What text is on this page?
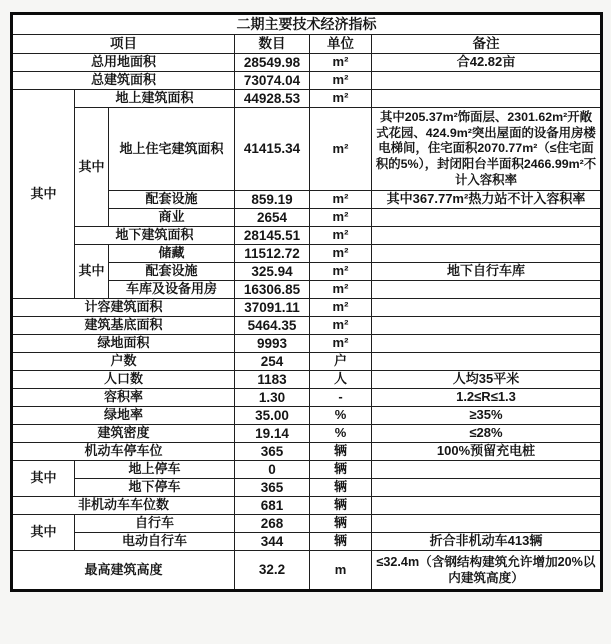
二期主要技术经济指标					
项目			数目	单位	备注
总用地面积			28549.98	m²	合42.82亩
总建筑面积			73074.04	m²	
其中	地上建筑面积		44928.53	m²	
	其中	地上住宅建筑面积	41415.34	m²	其中205.37m²饰面层、2301.62m²开敞式花园、424.9m²突出屋面的设备用房楼电梯间，住宅面积2070.77m²（≤住宅面积的5%），封闭阳台半面积2466.99m²不计入容积率
		配套设施	859.19	m²	其中367.77m²热力站不计入容积率
		商业	2654	m²	
	地下建筑面积		28145.51	m²	
	其中	储藏	11512.72	m²	
		配套设施	325.94	m²	地下自行车库
		车库及设备用房	16306.85	m²	
计容建筑面积			37091.11	m²	
建筑基底面积			5464.35	m²	
绿地面积			9993	m²	
户数			254	户	
人口数			1183	人	人均35平米
容积率			1.30	-	1.2≤R≤1.3
绿地率			35.00	%	≥35%
建筑密度			19.14	%	≤28%
机动车停车位			365	辆	100%预留充电桩
其中	地上停车		0	辆	
	地下停车		365	辆	
非机动车车位数			681	辆	
其中	自行车		268	辆	
	电动自行车		344	辆	折合非机动车413辆
最高建筑高度			32.2	m	≤32.4m（含钢结构建筑允许增加20%以内建筑高度）
